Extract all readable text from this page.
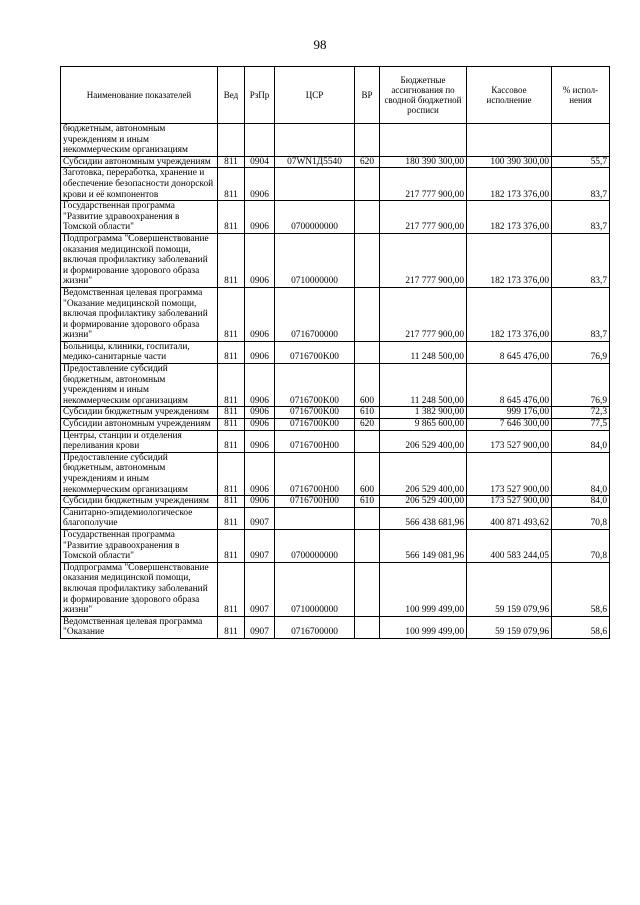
98
Наименование показателей	Вед	РзПр	ЦСР	ВР	Бюджетные ассигнования по сводной бюджетной росписи	Кассовое исполнение	% испол-нения
бюджетным, автономным учреждениям и иным некоммерческим организациям							
Субсидии автономным учреждениям	811	0904	07WN1Д5540	620	180 390 300,00	100 390 300,00	55,7
Заготовка, переработка, хранение и обеспечение безопасности донорской крови и её компонентов	811	0906			217 777 900,00	182 173 376,00	83,7
Государственная программа "Развитие здравоохранения в Томской области"	811	0906	0700000000		217 777 900,00	182 173 376,00	83,7
Подпрограмма "Совершенствование оказания медицинской помощи, включая профилактику заболеваний и формирование здорового образа жизни"	811	0906	0710000000		217 777 900,00	182 173 376,00	83,7
Ведомственная целевая программа "Оказание медицинской помощи, включая профилактику заболеваний и формирование здорового образа жизни"	811	0906	0716700000		217 777 900,00	182 173 376,00	83,7
Больницы, клиники, госпитали, медико-санитарные части	811	0906	0716700K00		11 248 500,00	8 645 476,00	76,9
Предоставление субсидий бюджетным, автономным учреждениям и иным некоммерческим организациям	811	0906	0716700K00	600	11 248 500,00	8 645 476,00	76,9
Субсидии бюджетным учреждениям	811	0906	0716700K00	610	1 382 900,00	999 176,00	72,3
Субсидии автономным учреждениям	811	0906	0716700K00	620	9 865 600,00	7 646 300,00	77,5
Центры, станции и отделения переливания крови	811	0906	0716700H00		206 529 400,00	173 527 900,00	84,0
Предоставление субсидий бюджетным, автономным учреждениям и иным некоммерческим организациям	811	0906	0716700H00	600	206 529 400,00	173 527 900,00	84,0
Субсидии бюджетным учреждениям	811	0906	0716700H00	610	206 529 400,00	173 527 900,00	84,0
Санитарно-эпидемиологическое благополучие	811	0907			566 438 681,96	400 871 493,62	70,8
Государственная программа "Развитие здравоохранения в Томской области"	811	0907	0700000000		566 149 081,96	400 583 244,05	70,8
Подпрограмма "Совершенствование оказания медицинской помощи, включая профилактику заболеваний и формирование здорового образа жизни"	811	0907	0710000000		100 999 499,00	59 159 079,96	58,6
Ведомственная целевая программа "Оказание	811	0907	0716700000		100 999 499,00	59 159 079,96	58,6
